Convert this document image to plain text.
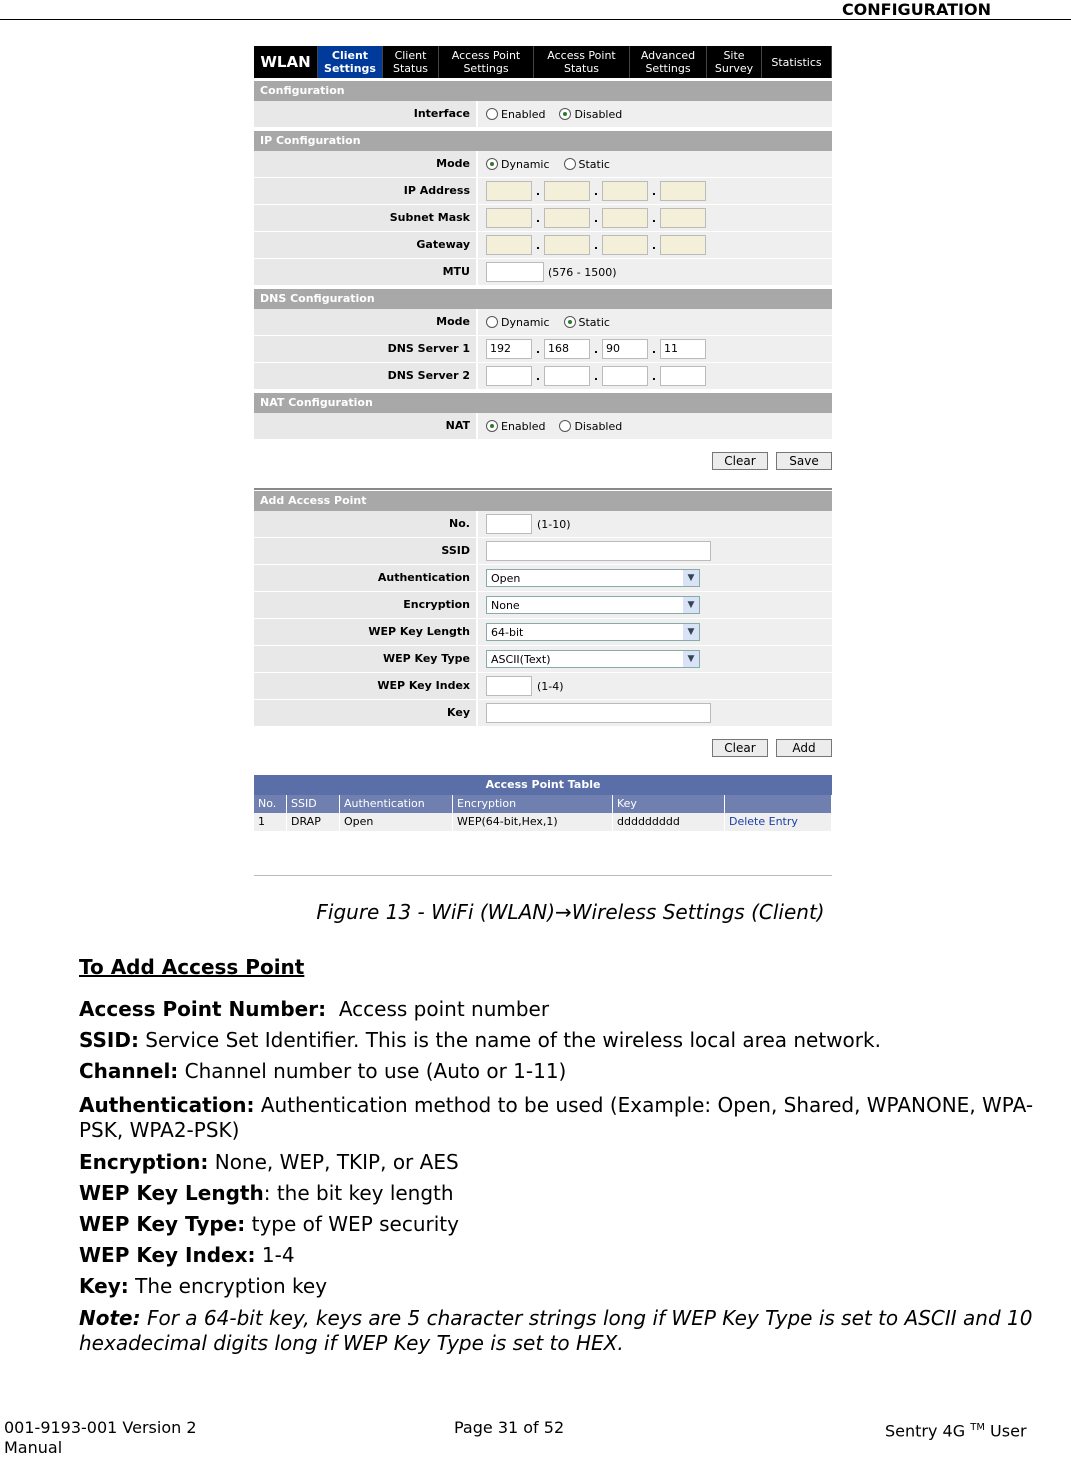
CONFIGURATION
WLAN	Client Settings
Client Status
Access Point Settings
Access Point Status
Advanced Settings
Site Survey	Statistics
Configuration
Interface	Enabled	Disabled
IP Configuration
Mode	Dynamic	Static
IP Address	.	.	.
Subnet Mask	.	.	.
Gateway	.	.	.
MTU	(576 - 1500)
DNS Configuration
Mode	Dynamic	Static
DNS Server 1	192	. 168	. 90	. 11
DNS Server 2	.	.	.
NAT Configuration
NAT	Enabled	Disabled
Clear	Save
Add Access Point
No.	(1-10)
SSID
Authentication	Open	▼
Encryption	None	▼
WEP Key Length	64-bit	▼
WEP Key Type	ASCII(Text)	▼
WEP Key Index	(1-4)
Key
Clear	Add
Access Point Table
No.	SSID	Authentication	Encryption	Key
1	DRAP	Open	WEP(64-bit,Hex,1)	ddddddddd	Delete Entry
Figure 13 - WiFi (WLAN)→Wireless Settings (Client)
To Add Access Point

Access Point Number:  Access point number

SSID: Service Set Identifier. This is the name of the wireless local area network.

Channel: Channel number to use (Auto or 1-11)

Authentication: Authentication method to be used (Example: Open, Shared, WPANONE, WPA-PSK, WPA2-PSK)

Encryption: None, WEP, TKIP, or AES

WEP Key Length: the bit key length

WEP Key Type: type of WEP security

WEP Key Index: 1-4

Key: The encryption key

Note: For a 64-bit key, keys are 5 character strings long if WEP Key Type is set to ASCII and 10 hexadecimal digits long if WEP Key Type is set to HEX.

001-9193-001 Version 2
Manual
Page 31 of 52	Sentry 4G ™ User
